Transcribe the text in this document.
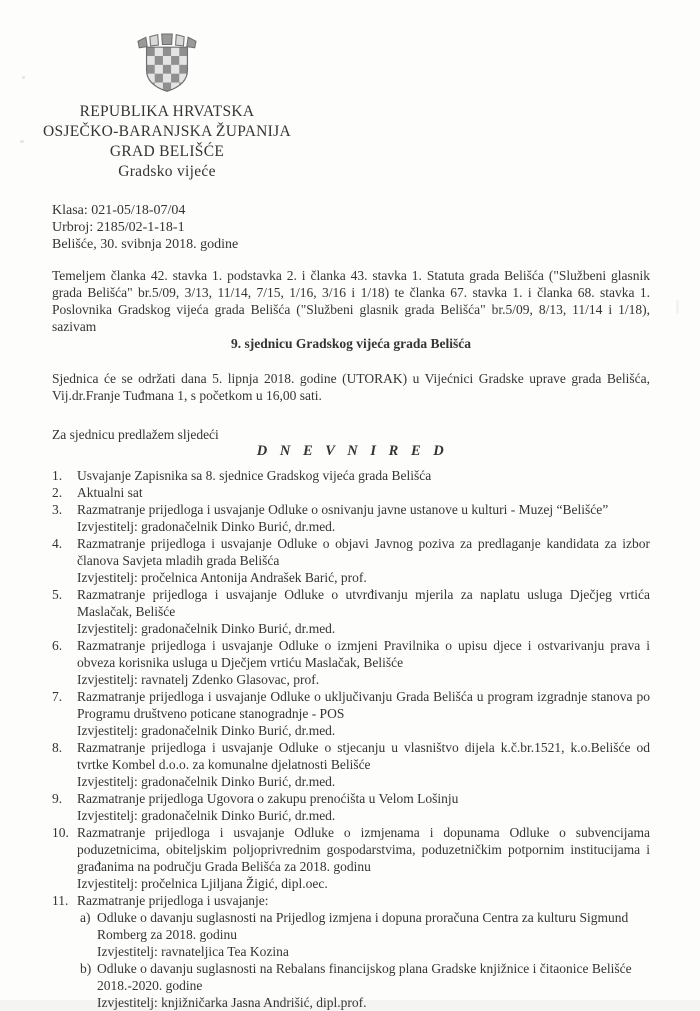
REPUBLIKA HRVATSKA
OSJEČKO-BARANJSKA ŽUPANIJA
GRAD BELIŠĆE
Gradsko vijeće
Klasa: 021-05/18-07/04
Urbroj: 2185/02-1-18-1
Belišće, 30. svibnja 2018. godine
Temeljem članka 42. stavka 1. podstavka 2. i članka 43. stavka 1. Statuta grada Belišća ("Službeni glasnik grada Belišća" br.5/09, 3/13, 11/14, 7/15, 1/16, 3/16 i 1/18) te članka 67. stavka 1. i članka 68. stavka 1. Poslovnika Gradskog vijeća grada Belišća ("Službeni glasnik grada Belišća" br.5/09, 8/13, 11/14 i 1/18), sazivam
9. sjednicu Gradskog vijeća grada Belišća
Sjednica će se održati dana 5. lipnja 2018. godine (UTORAK) u Vijećnici Gradske uprave grada Belišća, Vij.dr.Franje Tuđmana 1, s početkom u 16,00 sati.
Za sjednicu predlažem sljedeći
D N E V N I R E D
1.	Usvajanje Zapisnika sa 8. sjednice Gradskog vijeća grada Belišća
2.	Aktualni sat
3.	Razmatranje prijedloga i usvajanje Odluke o osnivanju javne ustanove u kulturi - Muzej “Belišće”
Izvjestitelj: gradonačelnik Dinko Burić, dr.med.
4.	Razmatranje prijedloga i usvajanje Odluke o objavi Javnog poziva za predlaganje kandidata za izbor članova Savjeta mladih grada Belišća
Izvjestitelj: pročelnica Antonija Andrašek Barić, prof.
5.	Razmatranje prijedloga i usvajanje Odluke o utvrđivanju mjerila za naplatu usluga Dječjeg vrtića Maslačak, Belišće
Izvjestitelj: gradonačelnik Dinko Burić, dr.med.
6.	Razmatranje prijedloga i usvajanje Odluke o izmjeni Pravilnika o upisu djece i ostvarivanju prava i obveza korisnika usluga u Dječjem vrtiću Maslačak, Belišće
Izvjestitelj: ravnatelj Zdenko Glasovac, prof.
7.	Razmatranje prijedloga i usvajanje Odluke o uključivanju Grada Belišća u program izgradnje stanova po Programu društveno poticane stanogradnje - POS
Izvjestitelj: gradonačelnik Dinko Burić, dr.med.
8.	Razmatranje prijedloga i usvajanje Odluke o stjecanju u vlasništvo dijela k.č.br.1521, k.o.Belišće od tvrtke Kombel d.o.o. za komunalne djelatnosti Belišće
Izvjestitelj: gradonačelnik Dinko Burić, dr.med.
9.	Razmatranje prijedloga Ugovora o zakupu prenoćišta u Velom Lošinju
Izvjestitelj: gradonačelnik Dinko Burić, dr.med.
10. Razmatranje prijedloga i usvajanje Odluke o izmjenama i dopunama Odluke o subvencijama poduzetnicima, obiteljskim poljoprivrednim gospodarstvima, poduzetničkim potpornim institucijama i građanima na području Grada Belišća za 2018. godinu
Izvjestitelj: pročelnica Ljiljana Žigić, dipl.oec.
11. Razmatranje prijedloga i usvajanje:
a) Odluke o davanju suglasnosti na Prijedlog izmjena i dopuna proračuna Centra za kulturu Sigmund Romberg za 2018. godinu
Izvjestitelj: ravnateljica Tea Kozina
b) Odluke o davanju suglasnosti na Rebalans financijskog plana Gradske knjižnice i čitaonice Belišće 2018.-2020. godine
Izvjestitelj: knjižničarka Jasna Andrišić, dipl.prof.
